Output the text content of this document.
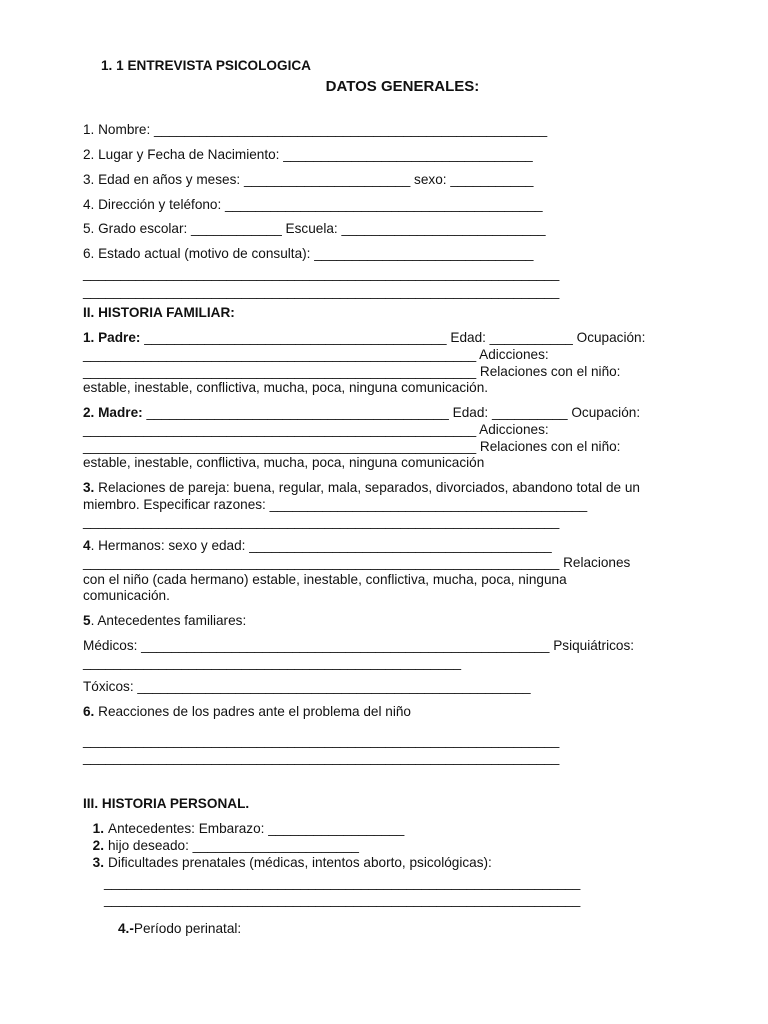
1. 1 ENTREVISTA PSICOLOGICA
DATOS GENERALES:
1. Nombre: ____________________________________________________
2. Lugar y Fecha de Nacimiento: _________________________________
3. Edad en años y meses: ______________________ sexo: ___________
4. Dirección y teléfono: __________________________________________
5. Grado escolar: ____________ Escuela: ___________________________
6. Estado actual (motivo de consulta): _____________________________
_______________________________________________________________
_______________________________________________________________
II. HISTORIA FAMILIAR:
1. Padre: ________________________________________ Edad: ___________ Ocupación:
____________________________________________________ Adicciones:
____________________________________________________ Relaciones con el niño:
estable, inestable, conflictiva, mucha, poca, ninguna comunicación.
2. Madre: ________________________________________ Edad: __________ Ocupación:
____________________________________________________ Adicciones:
____________________________________________________ Relaciones con el niño:
estable, inestable, conflictiva, mucha, poca, ninguna comunicación
3. Relaciones de pareja: buena, regular, mala, separados, divorciados, abandono total de un
miembro. Especificar razones: __________________________________________
_______________________________________________________________
4. Hermanos: sexo y edad: ________________________________________
_______________________________________________________________ Relaciones
con el niño (cada hermano) estable, inestable, conflictiva, mucha, poca, ninguna
comunicación.
5. Antecedentes familiares:
Médicos: ______________________________________________________ Psiquiátricos:
__________________________________________________
Tóxicos: ____________________________________________________
6. Reacciones de los padres ante el problema del niño
_______________________________________________________________
_______________________________________________________________
III. HISTORIA PERSONAL.
1. Antecedentes: Embarazo: __________________
2. hijo deseado: ______________________
3. Dificultades prenatales (médicas, intentos aborto, psicológicas):
_______________________________________________________________
_______________________________________________________________
4.-Período perinatal:
